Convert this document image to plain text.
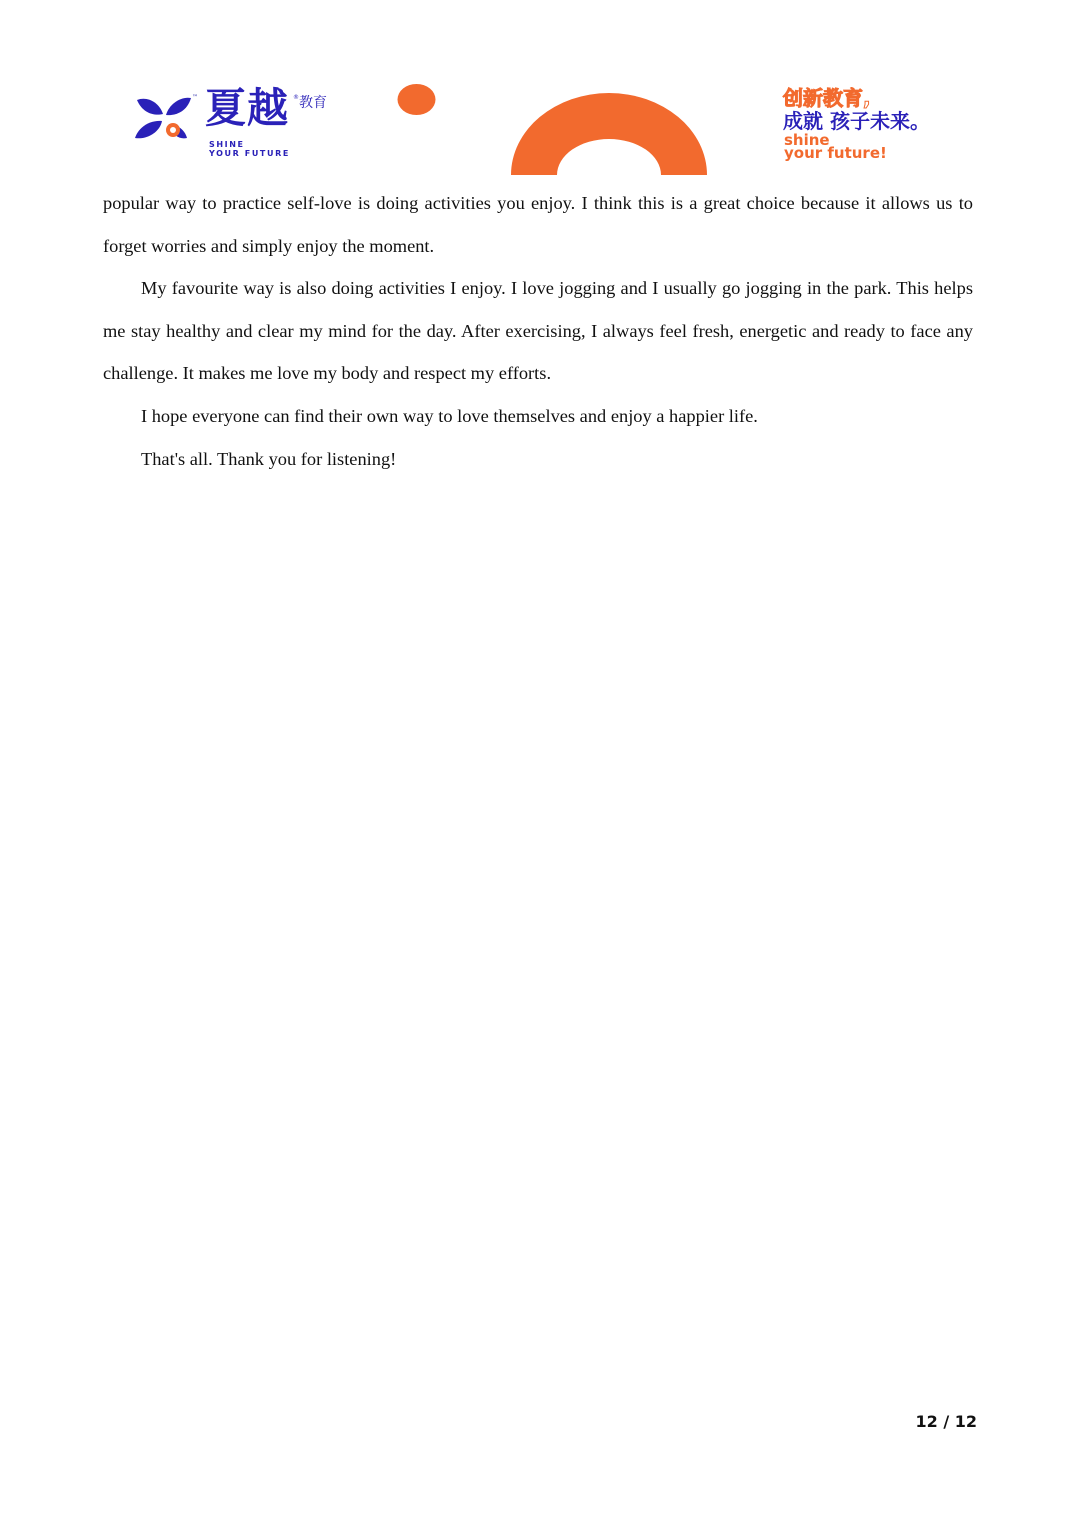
™ 夏越 ® 教育
SHINE
YOUR FUTURE
创新教育,
成就 孩子未来。
shine
your future!

popular way to practice self-love is doing activities you enjoy. I think this is a great choice because it allows us to forget worries and simply enjoy the moment.

My favourite way is also doing activities I enjoy. I love jogging and I usually go jogging in the park. This helps me stay healthy and clear my mind for the day. After exercising, I always feel fresh, energetic and ready to face any challenge. It makes me love my body and respect my efforts.

I hope everyone can find their own way to love themselves and enjoy a happier life.

That's all. Thank you for listening!

12 / 12
